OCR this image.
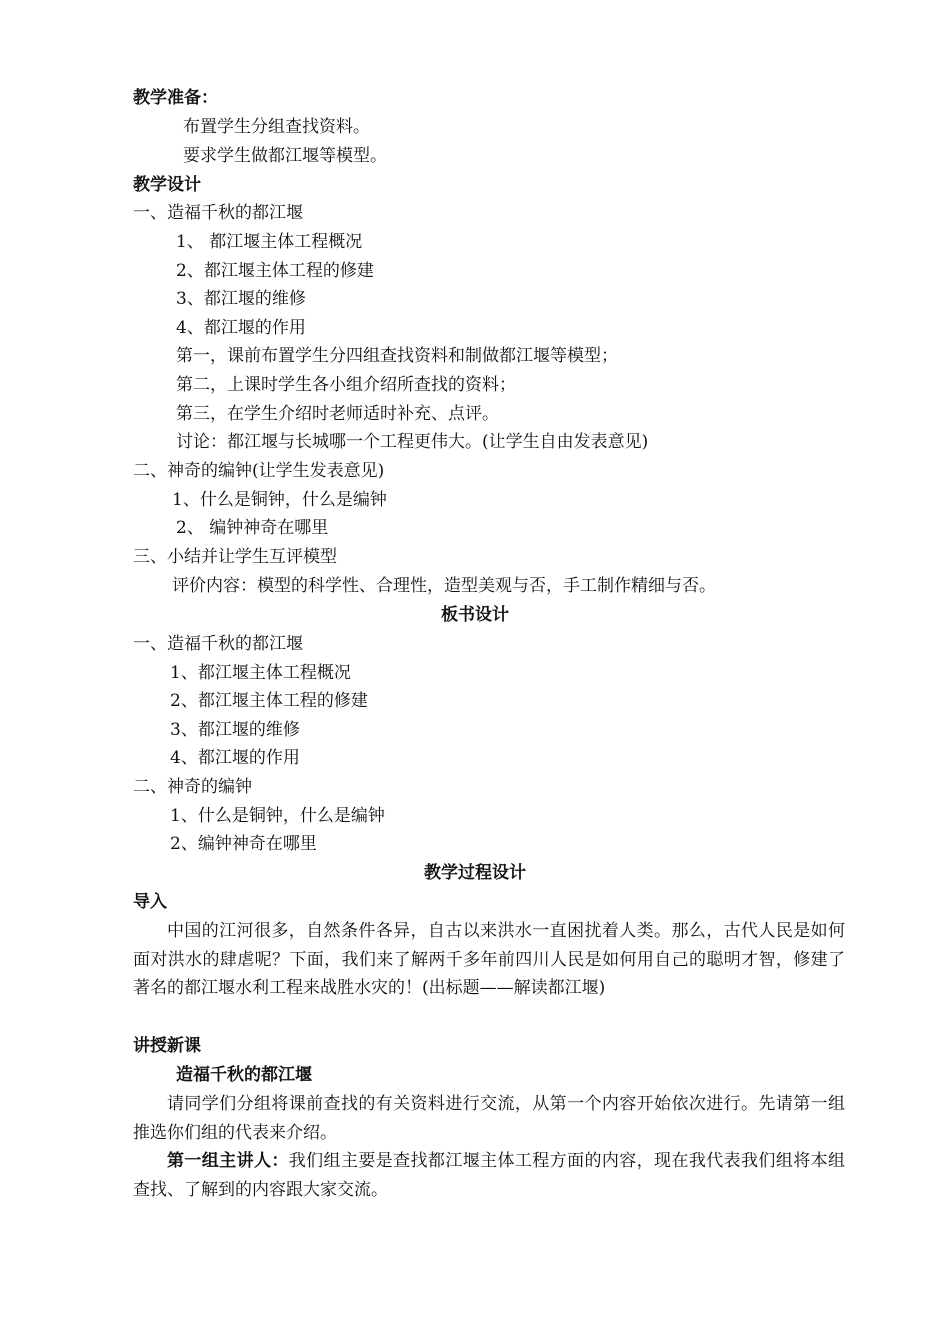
教学准备：
布置学生分组查找资料。
要求学生做都江堰等模型。
教学设计
一、造福千秋的都江堰
1、 都江堰主体工程概况
2、都江堰主体工程的修建
3、都江堰的维修
4、都江堰的作用
第一，课前布置学生分四组查找资料和制做都江堰等模型；
第二，上课时学生各小组介绍所查找的资料；
第三，在学生介绍时老师适时补充、点评。
讨论：都江堰与长城哪一个工程更伟大。(让学生自由发表意见)
二、神奇的编钟(让学生发表意见)
1、什么是铜钟，什么是编钟
2、 编钟神奇在哪里
三、小结并让学生互评模型
评价内容：模型的科学性、合理性，造型美观与否，手工制作精细与否。
板书设计
一、造福千秋的都江堰
1、都江堰主体工程概况
2、都江堰主体工程的修建
3、都江堰的维修
4、都江堰的作用
二、神奇的编钟
1、什么是铜钟，什么是编钟
2、编钟神奇在哪里
教学过程设计
导入
中国的江河很多，自然条件各异，自古以来洪水一直困扰着人类。那么，古代人民是如何面对洪水的肆虐呢？下面，我们来了解两千多年前四川人民是如何用自己的聪明才智，修建了著名的都江堰水利工程来战胜水灾的！(出标题——解读都江堰)
讲授新课
造福千秋的都江堰
请同学们分组将课前查找的有关资料进行交流，从第一个内容开始依次进行。先请第一组推选你们组的代表来介绍。
第一组主讲人：我们组主要是查找都江堰主体工程方面的内容，现在我代表我们组将本组查找、了解到的内容跟大家交流。
